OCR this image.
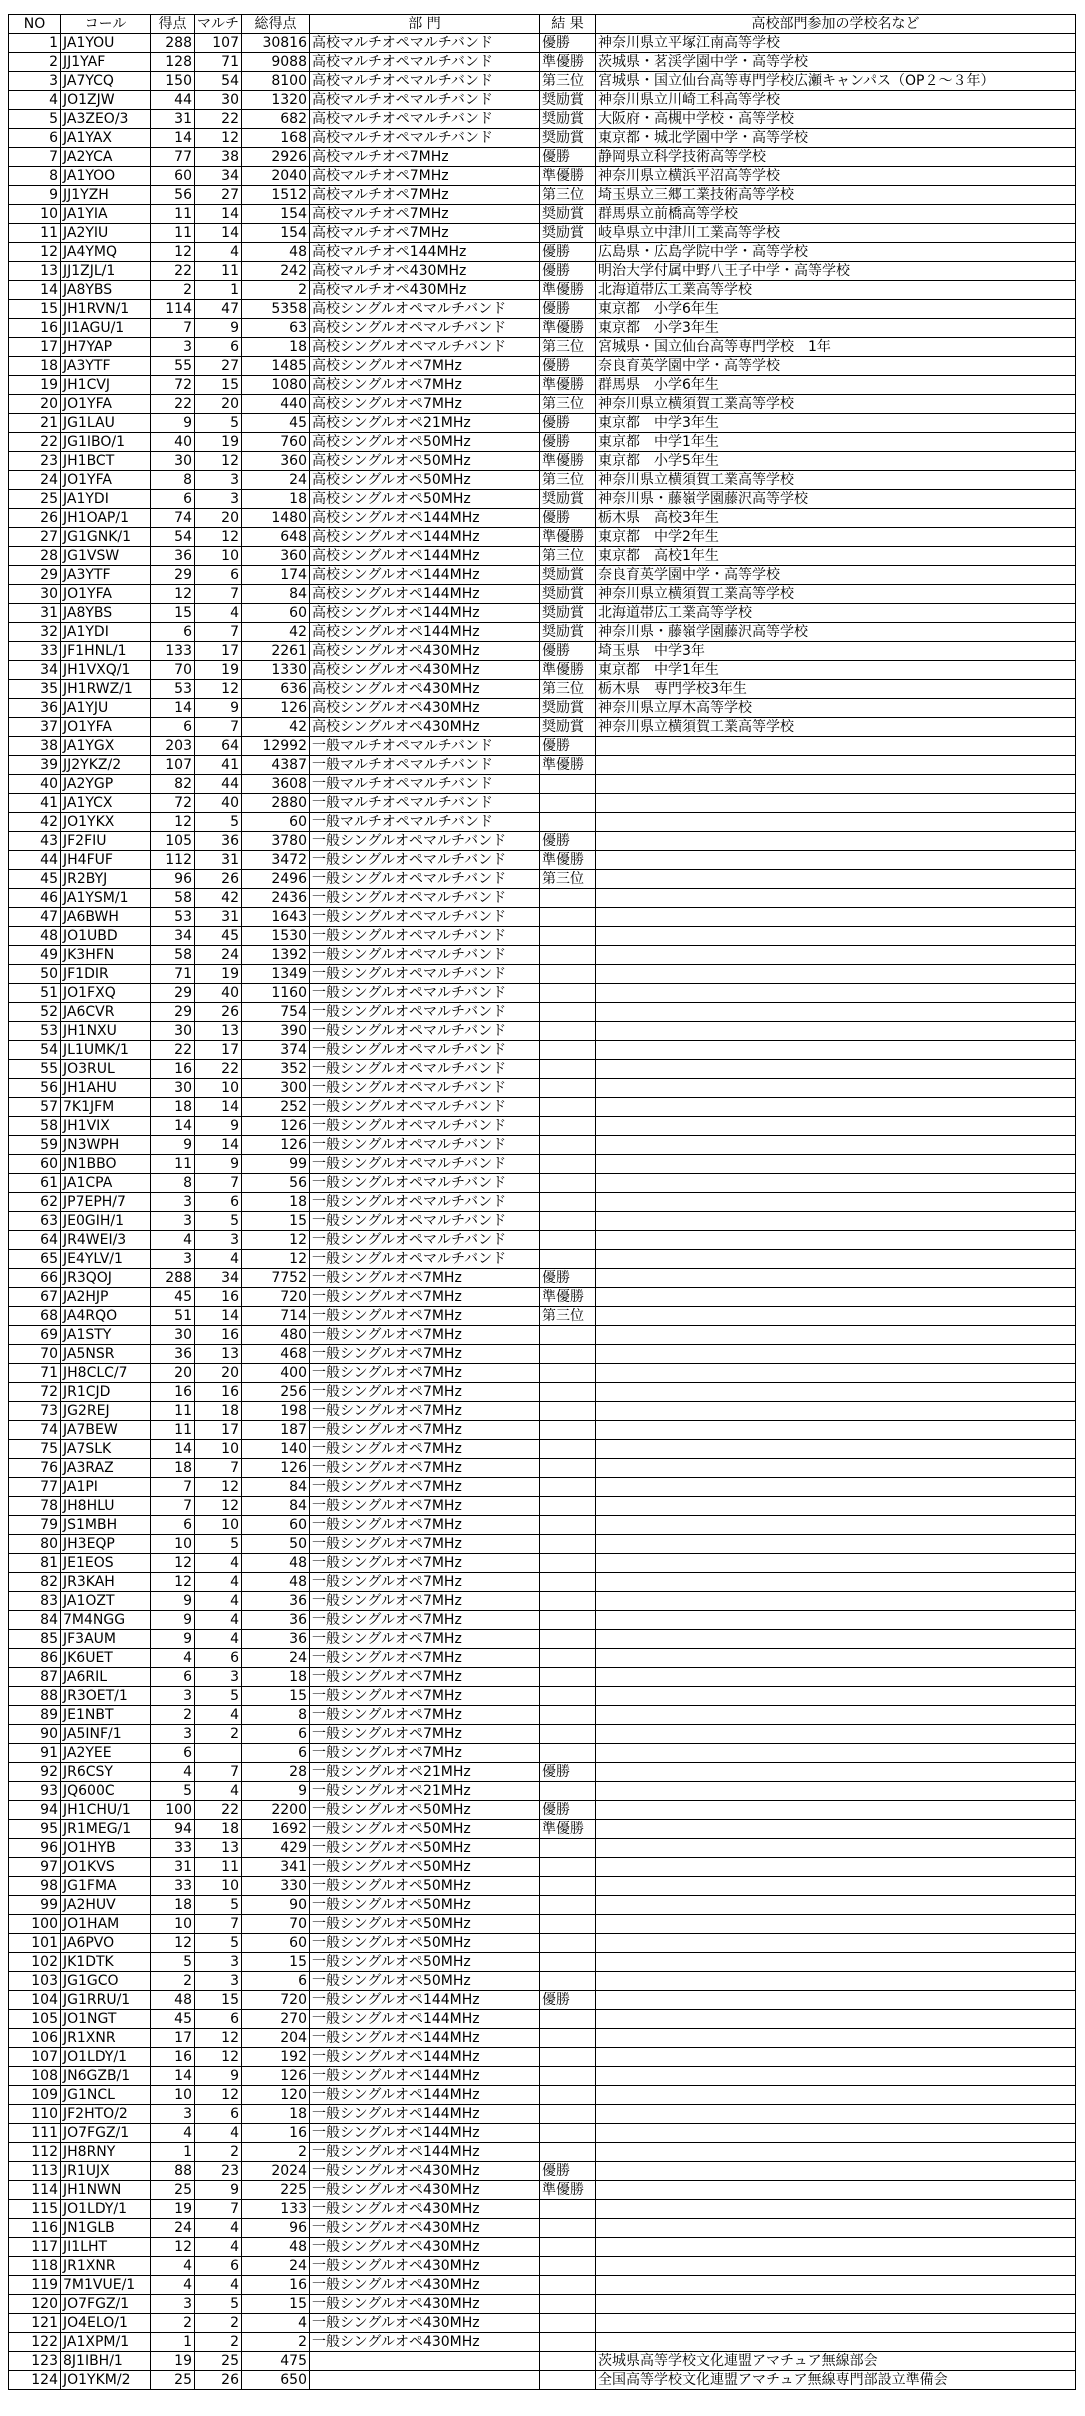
NO	コール	得点	マルチ	総得点	部 門	結 果	高校部門参加の学校名など
1	JA1YOU	288	107	30816	高校マルチオペマルチバンド	優勝	神奈川県立平塚江南高等学校
2	JJ1YAF	128	71	9088	高校マルチオペマルチバンド	準優勝	茨城県・茗渓学園中学・高等学校
3	JA7YCQ	150	54	8100	高校マルチオペマルチバンド	第三位	宮城県・国立仙台高等専門学校広瀬キャンパス（OP２～３年）
4	JO1ZJW	44	30	1320	高校マルチオペマルチバンド	奨励賞	神奈川県立川崎工科高等学校
5	JA3ZEO/3	31	22	682	高校マルチオペマルチバンド	奨励賞	大阪府・高槻中学校・高等学校
6	JA1YAX	14	12	168	高校マルチオペマルチバンド	奨励賞	東京都・城北学園中学・高等学校
7	JA2YCA	77	38	2926	高校マルチオペ7MHz	優勝	静岡県立科学技術高等学校
8	JA1YOO	60	34	2040	高校マルチオペ7MHz	準優勝	神奈川県立横浜平沼高等学校
9	JJ1YZH	56	27	1512	高校マルチオペ7MHz	第三位	埼玉県立三郷工業技術高等学校
10	JA1YIA	11	14	154	高校マルチオペ7MHz	奨励賞	群馬県立前橋高等学校
11	JA2YIU	11	14	154	高校マルチオペ7MHz	奨励賞	岐阜県立中津川工業高等学校
12	JA4YMQ	12	4	48	高校マルチオペ144MHz	優勝	広島県・広島学院中学・高等学校
13	JJ1ZJL/1	22	11	242	高校マルチオペ430MHz	優勝	明治大学付属中野八王子中学・高等学校
14	JA8YBS	2	1	2	高校マルチオペ430MHz	準優勝	北海道帯広工業高等学校
15	JH1RVN/1	114	47	5358	高校シングルオペマルチバンド	優勝	東京都　小学6年生
16	JI1AGU/1	7	9	63	高校シングルオペマルチバンド	準優勝	東京都　小学3年生
17	JH7YAP	3	6	18	高校シングルオペマルチバンド	第三位	宮城県・国立仙台高等専門学校　1年
18	JA3YTF	55	27	1485	高校シングルオペ7MHz	優勝	奈良育英学園中学・高等学校
19	JH1CVJ	72	15	1080	高校シングルオペ7MHz	準優勝	群馬県　小学6年生
20	JO1YFA	22	20	440	高校シングルオペ7MHz	第三位	神奈川県立横須賀工業高等学校
21	JG1LAU	9	5	45	高校シングルオペ21MHz	優勝	東京都　中学3年生
22	JG1IBO/1	40	19	760	高校シングルオペ50MHz	優勝	東京都　中学1年生
23	JH1BCT	30	12	360	高校シングルオペ50MHz	準優勝	東京都　小学5年生
24	JO1YFA	8	3	24	高校シングルオペ50MHz	第三位	神奈川県立横須賀工業高等学校
25	JA1YDI	6	3	18	高校シングルオペ50MHz	奨励賞	神奈川県・藤嶺学園藤沢高等学校
26	JH1OAP/1	74	20	1480	高校シングルオペ144MHz	優勝	栃木県　高校3年生
27	JG1GNK/1	54	12	648	高校シングルオペ144MHz	準優勝	東京都　中学2年生
28	JG1VSW	36	10	360	高校シングルオペ144MHz	第三位	東京都　高校1年生
29	JA3YTF	29	6	174	高校シングルオペ144MHz	奨励賞	奈良育英学園中学・高等学校
30	JO1YFA	12	7	84	高校シングルオペ144MHz	奨励賞	神奈川県立横須賀工業高等学校
31	JA8YBS	15	4	60	高校シングルオペ144MHz	奨励賞	北海道帯広工業高等学校
32	JA1YDI	6	7	42	高校シングルオペ144MHz	奨励賞	神奈川県・藤嶺学園藤沢高等学校
33	JF1HNL/1	133	17	2261	高校シングルオペ430MHz	優勝	埼玉県　中学3年
34	JH1VXQ/1	70	19	1330	高校シングルオペ430MHz	準優勝	東京都　中学1年生
35	JH1RWZ/1	53	12	636	高校シングルオペ430MHz	第三位	栃木県　専門学校3年生
36	JA1YJU	14	9	126	高校シングルオペ430MHz	奨励賞	神奈川県立厚木高等学校
37	JO1YFA	6	7	42	高校シングルオペ430MHz	奨励賞	神奈川県立横須賀工業高等学校
38	JA1YGX	203	64	12992	一般マルチオペマルチバンド	優勝	
39	JJ2YKZ/2	107	41	4387	一般マルチオペマルチバンド	準優勝	
40	JA2YGP	82	44	3608	一般マルチオペマルチバンド		
41	JA1YCX	72	40	2880	一般マルチオペマルチバンド		
42	JO1YKX	12	5	60	一般マルチオペマルチバンド		
43	JF2FIU	105	36	3780	一般シングルオペマルチバンド	優勝	
44	JH4FUF	112	31	3472	一般シングルオペマルチバンド	準優勝	
45	JR2BYJ	96	26	2496	一般シングルオペマルチバンド	第三位	
46	JA1YSM/1	58	42	2436	一般シングルオペマルチバンド		
47	JA6BWH	53	31	1643	一般シングルオペマルチバンド		
48	JO1UBD	34	45	1530	一般シングルオペマルチバンド		
49	JK3HFN	58	24	1392	一般シングルオペマルチバンド		
50	JF1DIR	71	19	1349	一般シングルオペマルチバンド		
51	JO1FXQ	29	40	1160	一般シングルオペマルチバンド		
52	JA6CVR	29	26	754	一般シングルオペマルチバンド		
53	JH1NXU	30	13	390	一般シングルオペマルチバンド		
54	JL1UMK/1	22	17	374	一般シングルオペマルチバンド		
55	JO3RUL	16	22	352	一般シングルオペマルチバンド		
56	JH1AHU	30	10	300	一般シングルオペマルチバンド		
57	7K1JFM	18	14	252	一般シングルオペマルチバンド		
58	JH1VIX	14	9	126	一般シングルオペマルチバンド		
59	JN3WPH	9	14	126	一般シングルオペマルチバンド		
60	JN1BBO	11	9	99	一般シングルオペマルチバンド		
61	JA1CPA	8	7	56	一般シングルオペマルチバンド		
62	JP7EPH/7	3	6	18	一般シングルオペマルチバンド		
63	JE0GIH/1	3	5	15	一般シングルオペマルチバンド		
64	JR4WEI/3	4	3	12	一般シングルオペマルチバンド		
65	JE4YLV/1	3	4	12	一般シングルオペマルチバンド		
66	JR3QOJ	288	34	7752	一般シングルオペ7MHz	優勝	
67	JA2HJP	45	16	720	一般シングルオペ7MHz	準優勝	
68	JA4RQO	51	14	714	一般シングルオペ7MHz	第三位	
69	JA1STY	30	16	480	一般シングルオペ7MHz		
70	JA5NSR	36	13	468	一般シングルオペ7MHz		
71	JH8CLC/7	20	20	400	一般シングルオペ7MHz		
72	JR1CJD	16	16	256	一般シングルオペ7MHz		
73	JG2REJ	11	18	198	一般シングルオペ7MHz		
74	JA7BEW	11	17	187	一般シングルオペ7MHz		
75	JA7SLK	14	10	140	一般シングルオペ7MHz		
76	JA3RAZ	18	7	126	一般シングルオペ7MHz		
77	JA1PI	7	12	84	一般シングルオペ7MHz		
78	JH8HLU	7	12	84	一般シングルオペ7MHz		
79	JS1MBH	6	10	60	一般シングルオペ7MHz		
80	JH3EQP	10	5	50	一般シングルオペ7MHz		
81	JE1EOS	12	4	48	一般シングルオペ7MHz		
82	JR3KAH	12	4	48	一般シングルオペ7MHz		
83	JA1OZT	9	4	36	一般シングルオペ7MHz		
84	7M4NGG	9	4	36	一般シングルオペ7MHz		
85	JF3AUM	9	4	36	一般シングルオペ7MHz		
86	JK6UET	4	6	24	一般シングルオペ7MHz		
87	JA6RIL	6	3	18	一般シングルオペ7MHz		
88	JR3OET/1	3	5	15	一般シングルオペ7MHz		
89	JE1NBT	2	4	8	一般シングルオペ7MHz		
90	JA5INF/1	3	2	6	一般シングルオペ7MHz		
91	JA2YEE	6		6	一般シングルオペ7MHz		
92	JR6CSY	4	7	28	一般シングルオペ21MHz	優勝	
93	JQ600C	5	4	9	一般シングルオペ21MHz		
94	JH1CHU/1	100	22	2200	一般シングルオペ50MHz	優勝	
95	JR1MEG/1	94	18	1692	一般シングルオペ50MHz	準優勝	
96	JO1HYB	33	13	429	一般シングルオペ50MHz		
97	JO1KVS	31	11	341	一般シングルオペ50MHz		
98	JG1FMA	33	10	330	一般シングルオペ50MHz		
99	JA2HUV	18	5	90	一般シングルオペ50MHz		
100	JO1HAM	10	7	70	一般シングルオペ50MHz		
101	JA6PVO	12	5	60	一般シングルオペ50MHz		
102	JK1DTK	5	3	15	一般シングルオペ50MHz		
103	JG1GCO	2	3	6	一般シングルオペ50MHz		
104	JG1RRU/1	48	15	720	一般シングルオペ144MHz	優勝	
105	JO1NGT	45	6	270	一般シングルオペ144MHz		
106	JR1XNR	17	12	204	一般シングルオペ144MHz		
107	JO1LDY/1	16	12	192	一般シングルオペ144MHz		
108	JN6GZB/1	14	9	126	一般シングルオペ144MHz		
109	JG1NCL	10	12	120	一般シングルオペ144MHz		
110	JF2HTO/2	3	6	18	一般シングルオペ144MHz		
111	JO7FGZ/1	4	4	16	一般シングルオペ144MHz		
112	JH8RNY	1	2	2	一般シングルオペ144MHz		
113	JR1UJX	88	23	2024	一般シングルオペ430MHz	優勝	
114	JH1NWN	25	9	225	一般シングルオペ430MHz	準優勝	
115	JO1LDY/1	19	7	133	一般シングルオペ430MHz		
116	JN1GLB	24	4	96	一般シングルオペ430MHz		
117	JI1LHT	12	4	48	一般シングルオペ430MHz		
118	JR1XNR	4	6	24	一般シングルオペ430MHz		
119	7M1VUE/1	4	4	16	一般シングルオペ430MHz		
120	JO7FGZ/1	3	5	15	一般シングルオペ430MHz		
121	JO4ELO/1	2	2	4	一般シングルオペ430MHz		
122	JA1XPM/1	1	2	2	一般シングルオペ430MHz		
123	8J1IBH/1	19	25	475			茨城県高等学校文化連盟アマチュア無線部会
124	JO1YKM/2	25	26	650			全国高等学校文化連盟アマチュア無線専門部設立準備会
